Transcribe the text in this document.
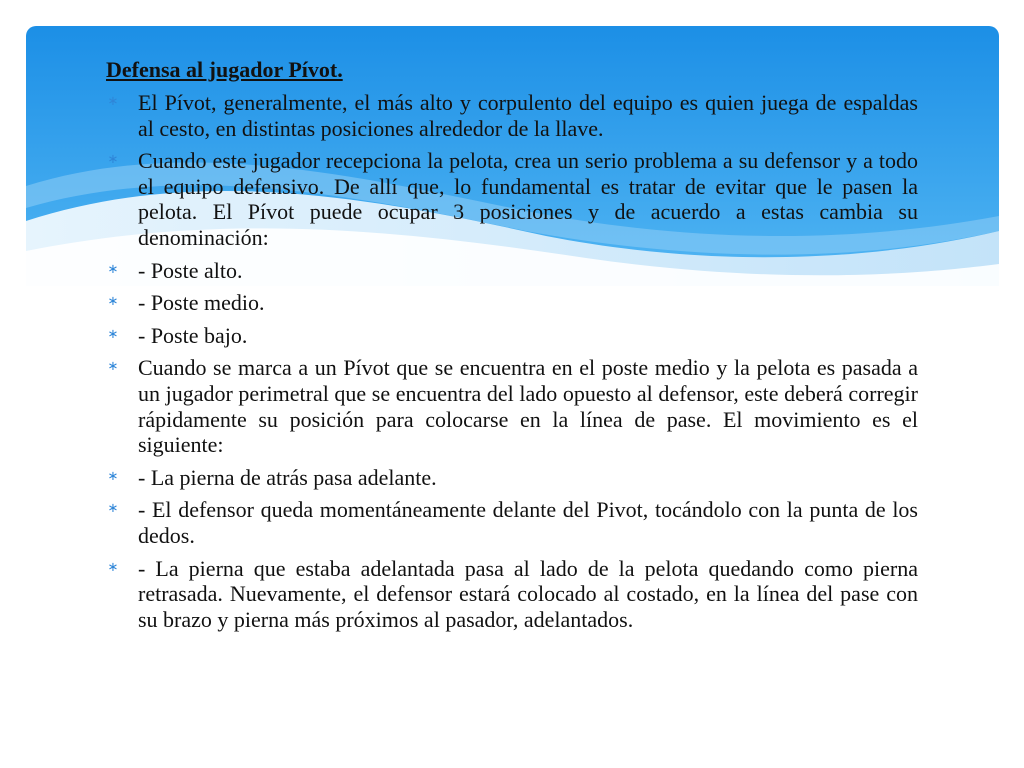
Defensa al jugador Pívot.
∗ El Pívot, generalmente, el más alto y corpulento del equipo es quien juega de espaldas al cesto, en distintas posiciones alrededor de la llave.
∗ Cuando este jugador recepciona la pelota, crea un serio problema a su defensor y a todo el equipo defensivo. De allí que, lo fundamental es tratar de evitar que le pasen la pelota. El Pívot puede ocupar 3 posiciones y de acuerdo a estas cambia su denominación:
∗ - Poste alto.
∗ - Poste medio.
∗ - Poste bajo.
∗ Cuando se marca a un Pívot que se encuentra en el poste medio y la pelota es pasada a un jugador perimetral que se encuentra del lado opuesto al defensor, este deberá corregir rápidamente su posición para colocarse en la línea de pase. El movimiento es el siguiente:
∗ - La pierna de atrás pasa adelante.
∗ - El defensor queda momentáneamente delante del Pivot, tocándolo con la punta de los dedos.
∗ - La pierna que estaba adelantada pasa al lado de la pelota quedando como pierna retrasada. Nuevamente, el defensor estará colocado al costado, en la línea del pase con su brazo y pierna más próximos al pasador, adelantados.
